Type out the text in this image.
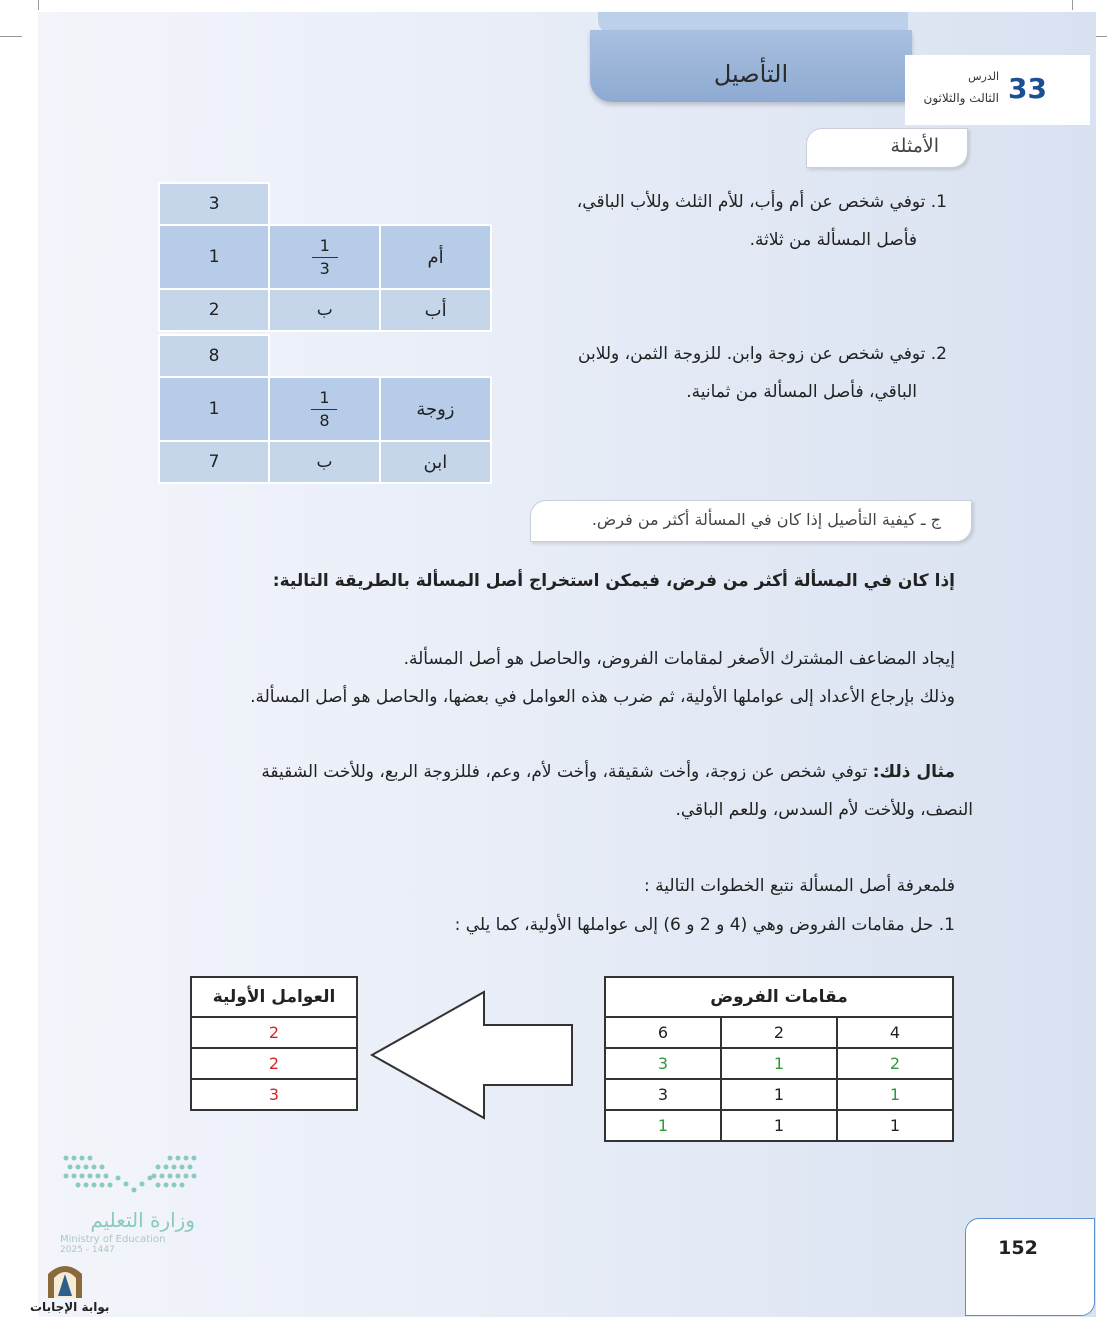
التأصيل	33
الدرس
الثالث والثلاثون
الأمثلة
1. توفي شخص عن أم وأب، للأم الثلث وللأب الباقي،
فأصل المسألة من ثلاثة.
3		
1	$\frac{1}{3}$	أم
2	ب	أب
2. توفي شخص عن زوجة وابن. للزوجة الثمن، وللابن
الباقي، فأصل المسألة من ثمانية.
8		
1	$\frac{1}{8}$	زوجة
7	ب	ابن
ج ـ كيفية التأصيل إذا كان في المسألة أكثر من فرض.
إذا كان في المسألة أكثر من فرض، فيمكن استخراج أصل المسألة بالطريقة التالية:
إيجاد المضاعف المشترك الأصغر لمقامات الفروض، والحاصل هو أصل المسألة.
وذلك بإرجاع الأعداد إلى عواملها الأولية، ثم ضرب هذه العوامل في بعضها، والحاصل هو أصل المسألة.
مثال ذلك: توفي شخص عن زوجة، وأخت شقيقة، وأخت لأم، وعم، فللزوجة الربع، وللأخت الشقيقة
النصف، وللأخت لأم السدس، وللعم الباقي.
فلمعرفة أصل المسألة نتبع الخطوات التالية :
1. حل مقامات الفروض وهي (4 و 2 و 6) إلى عواملها الأولية، كما يلي :
مقامات الفروض		
6	2	4
3	1	2
3	1	1
1	1	1
العوامل الأولية
2
2
3
وزارة التعليم
Ministry of Education
2025 - 1447
بوابة الإجابات
152
